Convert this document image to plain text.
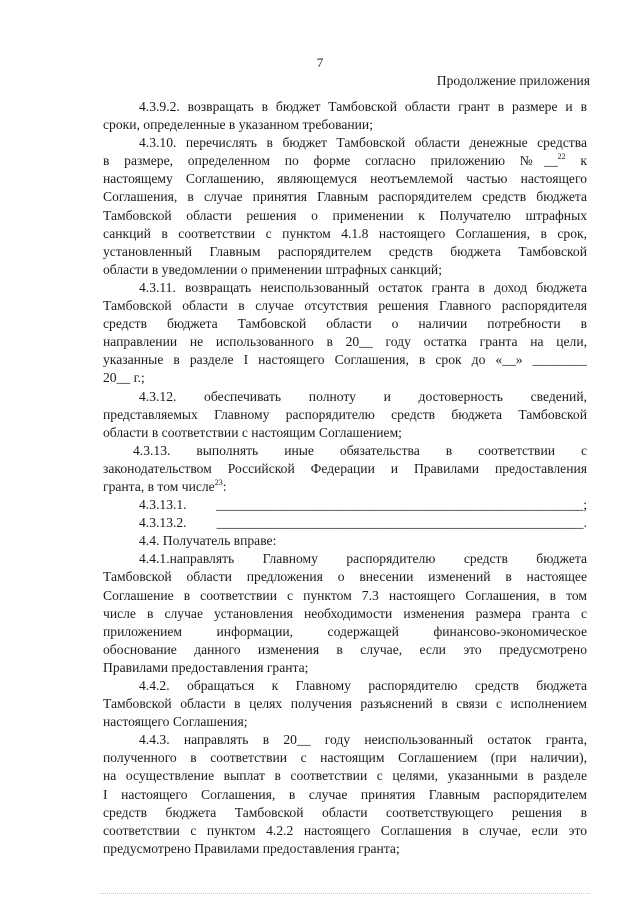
7
Продолжение приложения
4.3.9.2. возвращать в бюджет Тамбовской области грант в размере и в
сроки, определенные в указанном требовании;
4.3.10. перечислять в бюджет Тамбовской области денежные средства
в размере, определенном по форме согласно приложению №__$^{22}$ к
настоящему Соглашению, являющемуся неотъемлемой частью настоящего
Соглашения, в случае принятия Главным распорядителем средств бюджета
Тамбовской области решения о применении к Получателю штрафных
санкций в соответствии с пунктом 4.1.8 настоящего Соглашения, в срок,
установленный Главным распорядителем средств бюджета Тамбовской
области в уведомлении о применении штрафных санкций;
4.3.11. возвращать неиспользованный остаток гранта в доход бюджета
Тамбовской области в случае отсутствия решения Главного распорядителя
средств бюджета Тамбовской области о наличии потребности в
направлении не использованного в 20__ году остатка гранта на цели,
указанные в разделе I настоящего Соглашения, в срок до «__» ________
20__ г.;
4.3.12. обеспечивать полноту и достоверность сведений,
представляемых Главному распорядителю средств бюджета Тамбовской
области в соответствии с настоящим Соглашением;
4.3.13. выполнять иные обязательства в соответствии с
законодательством Российской Федерации и Правилами предоставления
гранта, в том числе$^{23}$:
4.3.13.1. ______________________________________________________;
4.3.13.2. ______________________________________________________.
4.4. Получатель вправе:
4.4.1.направлять Главному распорядителю средств бюджета
Тамбовской области предложения о внесении изменений в настоящее
Соглашение в соответствии с пунктом 7.3 настоящего Соглашения, в том
числе в случае установления необходимости изменения размера гранта с
приложением информации, содержащей финансово-экономическое
обоснование данного изменения в случае, если это предусмотрено
Правилами предоставления гранта;
4.4.2. обращаться к Главному распорядителю средств бюджета
Тамбовской области в целях получения разъяснений в связи с исполнением
настоящего Соглашения;
4.4.3. направлять в 20__ году неиспользованный остаток гранта,
полученного в соответствии с настоящим Соглашением (при наличии),
на осуществление выплат в соответствии с целями, указанными в разделе
I настоящего Соглашения, в случае принятия Главным распорядителем
средств бюджета Тамбовской области соответствующего решения в
соответствии с пунктом 4.2.2 настоящего Соглашения в случае, если это
предусмотрено Правилами предоставления гранта;
